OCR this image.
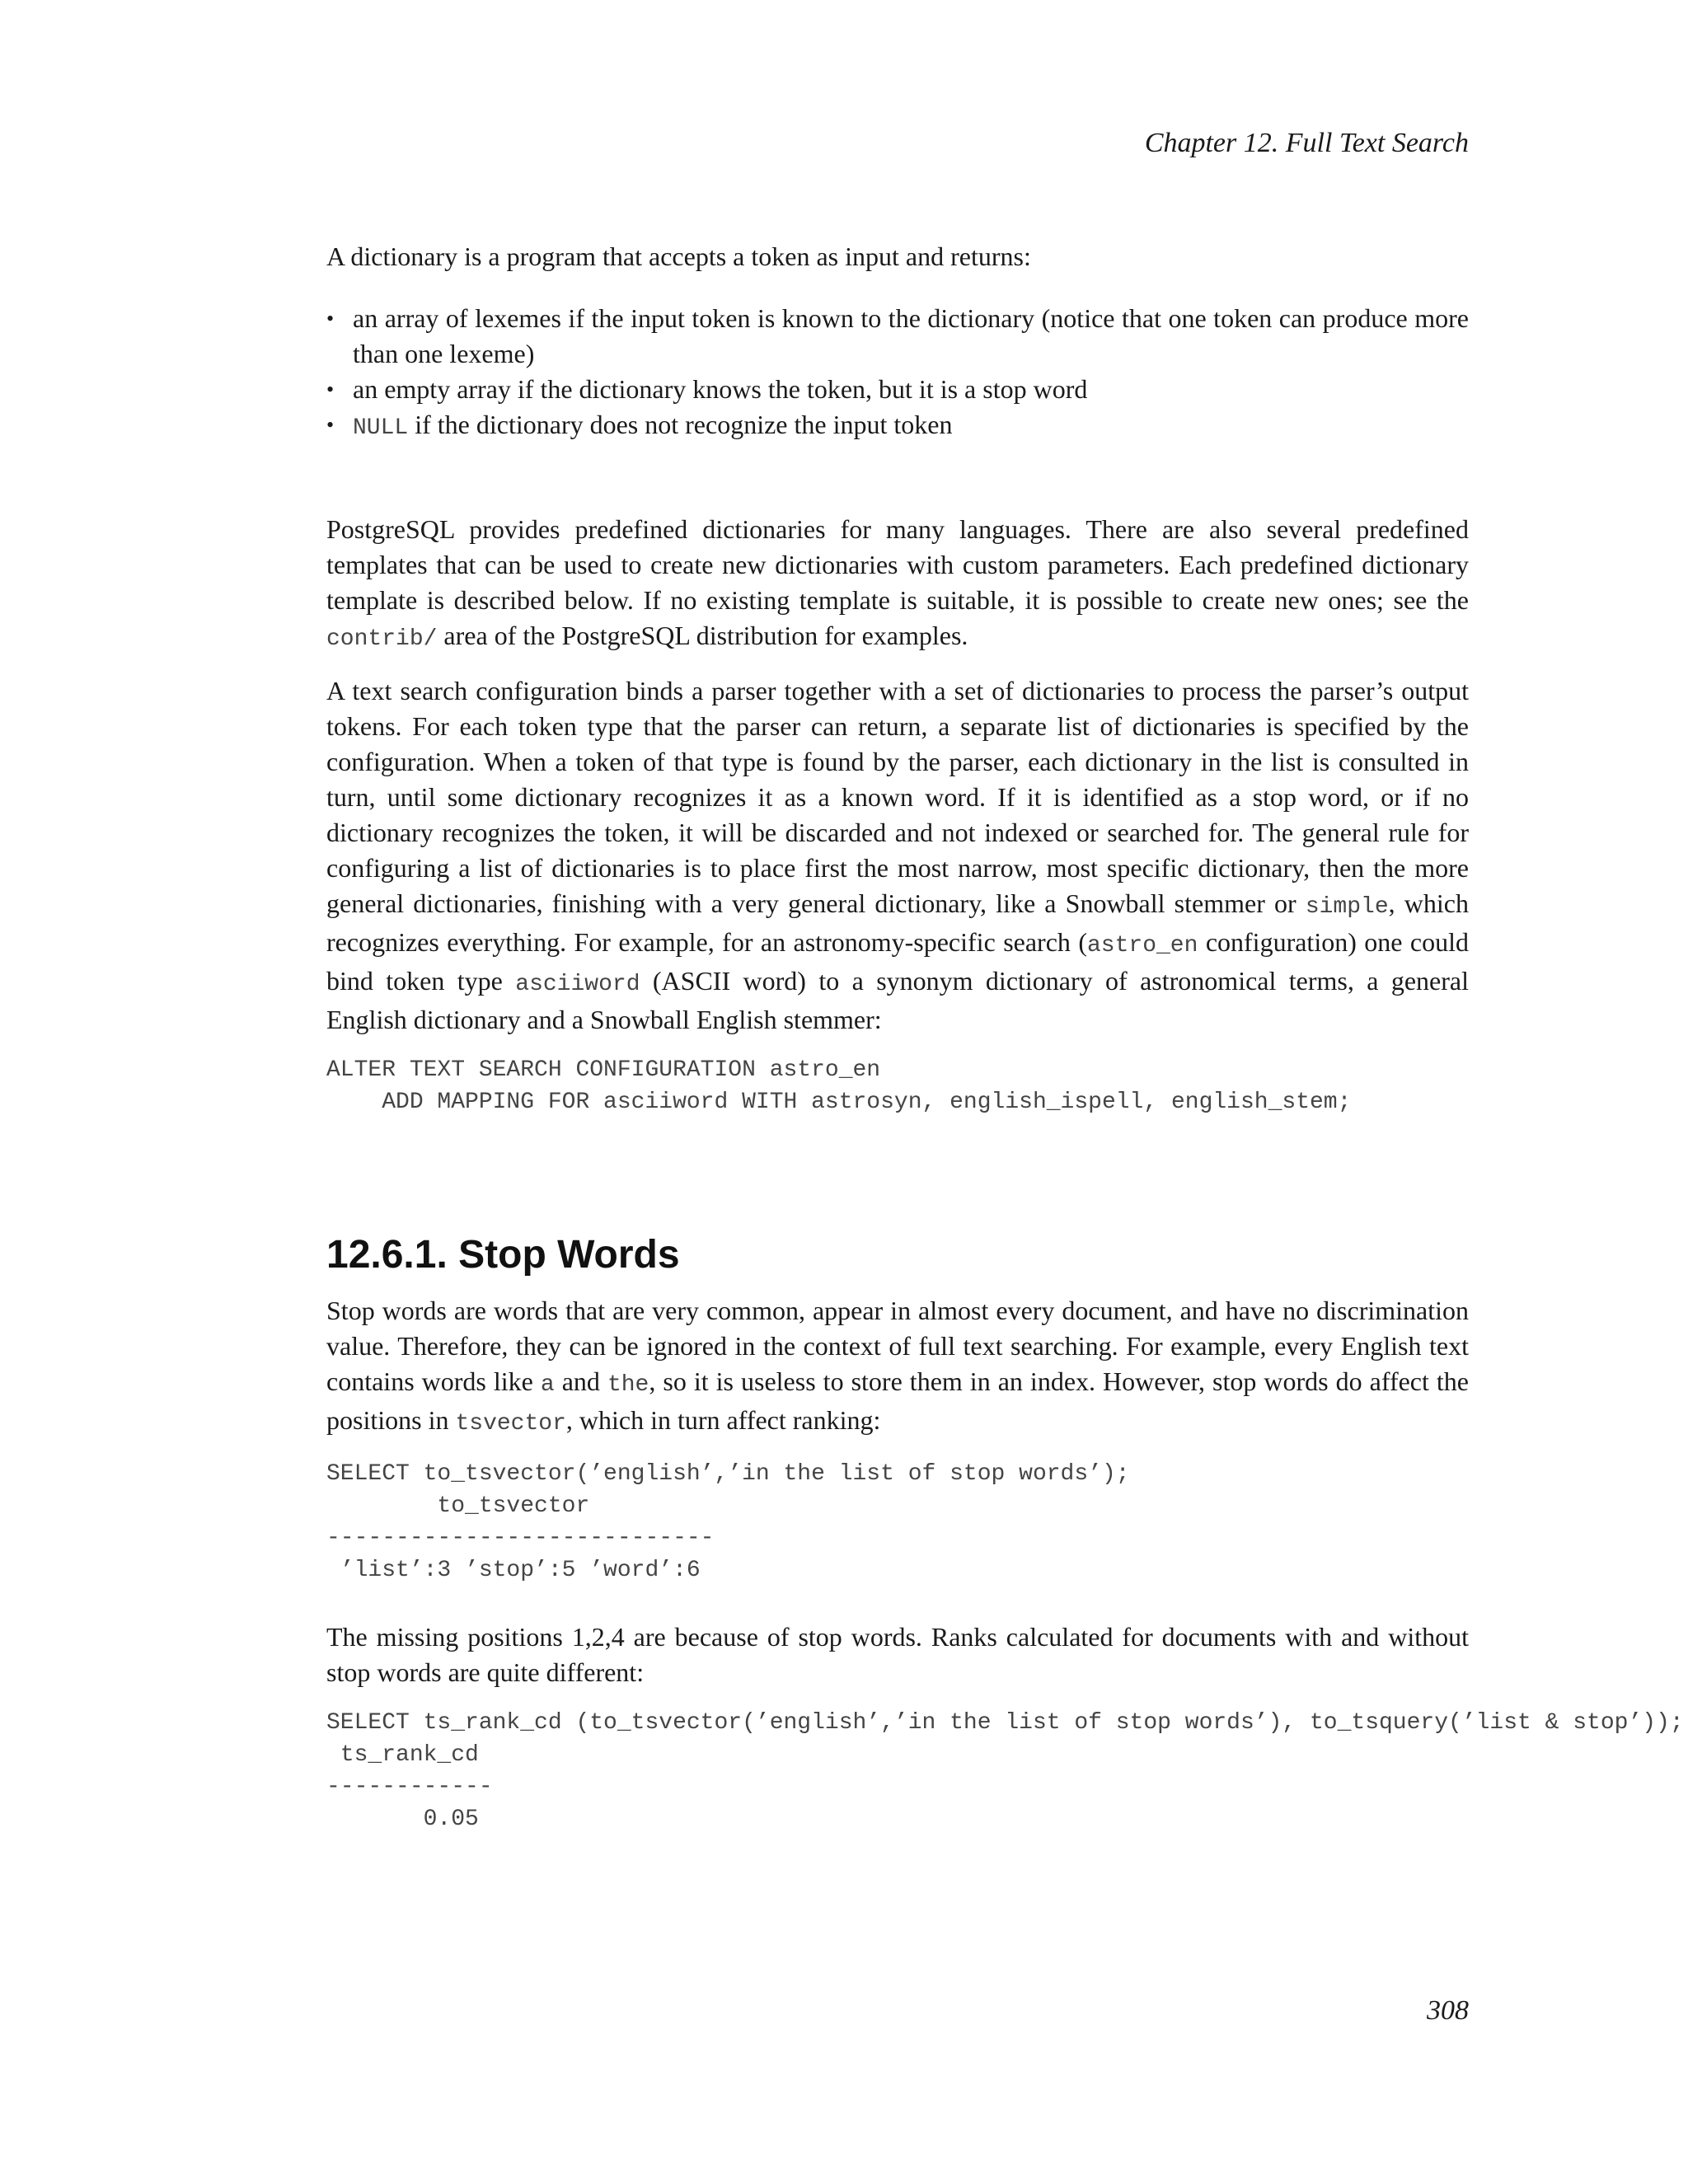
Chapter 12. Full Text Search

A dictionary is a program that accepts a token as input and returns:

• an array of lexemes if the input token is known to the dictionary (notice that one token can produce more than one lexeme)
• an empty array if the dictionary knows the token, but it is a stop word
• NULL if the dictionary does not recognize the input token

PostgreSQL provides predefined dictionaries for many languages. There are also several predefined templates that can be used to create new dictionaries with custom parameters. Each predefined dictionary template is described below. If no existing template is suitable, it is possible to create new ones; see the contrib/ area of the PostgreSQL distribution for examples.

A text search configuration binds a parser together with a set of dictionaries to process the parser’s output tokens. For each token type that the parser can return, a separate list of dictionaries is specified by the configuration. When a token of that type is found by the parser, each dictionary in the list is consulted in turn, until some dictionary recognizes it as a known word. If it is identified as a stop word, or if no dictionary recognizes the token, it will be discarded and not indexed or searched for. The general rule for configuring a list of dictionaries is to place first the most narrow, most specific dictionary, then the more general dictionaries, finishing with a very general dictionary, like a Snowball stemmer or simple, which recognizes everything. For example, for an astronomy-specific search (astro_en configuration) one could bind token type asciiword (ASCII word) to a synonym dictionary of astronomical terms, a general English dictionary and a Snowball English stemmer:

ALTER TEXT SEARCH CONFIGURATION astro_en
ADD MAPPING FOR asciiword WITH astrosyn, english_ispell, english_stem;
12.6.1. Stop Words

Stop words are words that are very common, appear in almost every document, and have no discrimination value. Therefore, they can be ignored in the context of full text searching. For example, every English text contains words like a and the, so it is useless to store them in an index. However, stop words do affect the positions in tsvector, which in turn affect ranking:

SELECT to_tsvector(’english’,’in the list of stop words’);
to_tsvector
----------------------------
’list’:3 ’stop’:5 ’word’:6

The missing positions 1,2,4 are because of stop words. Ranks calculated for documents with and without stop words are quite different:

SELECT ts_rank_cd (to_tsvector(’english’,’in the list of stop words’), to_tsquery(’list & stop’));
ts_rank_cd
------------
0.05
308
